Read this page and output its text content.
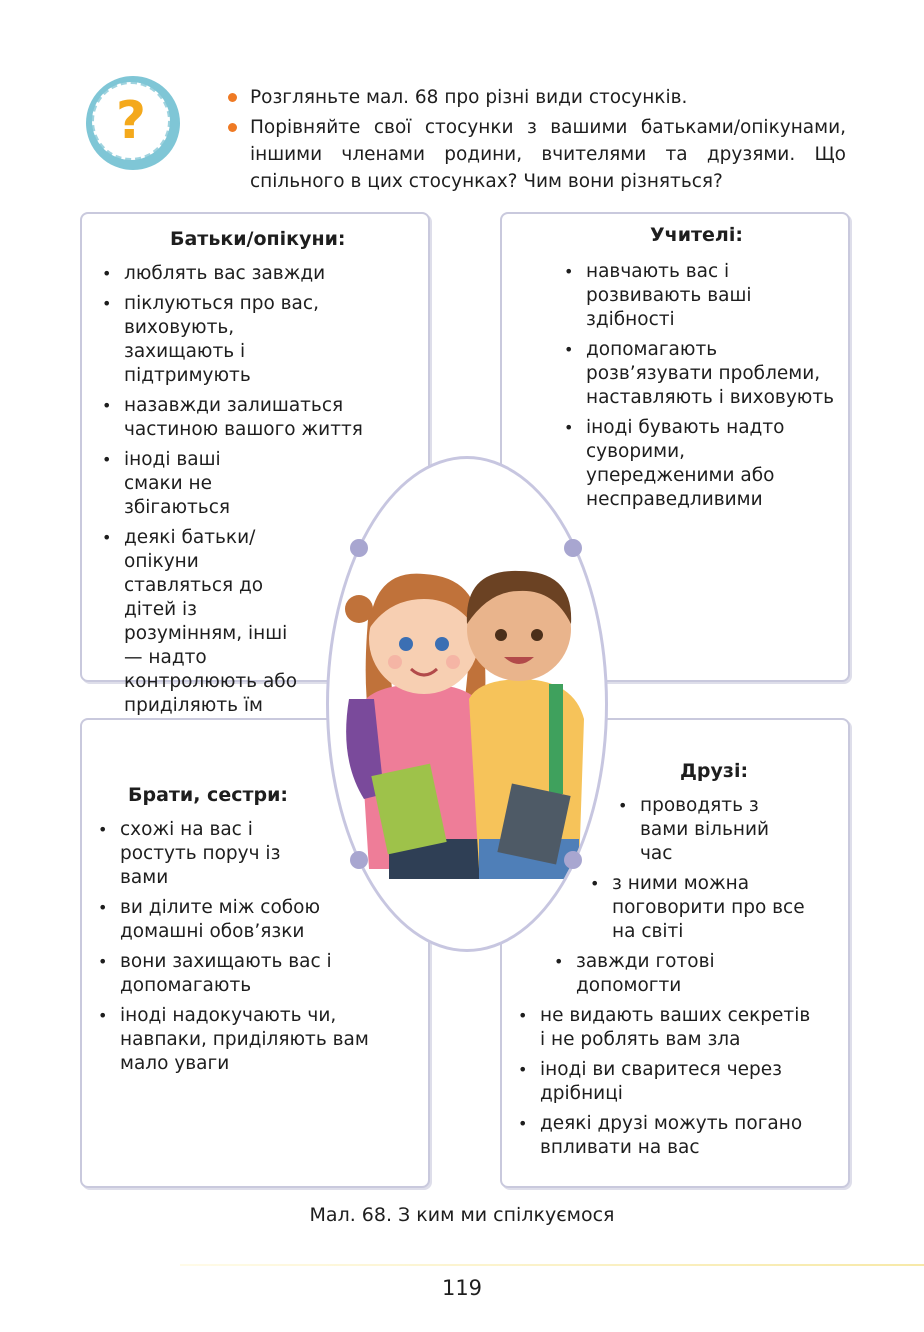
?	Розгляньте мал. 68 про різні види стосунків.
Порівняйте свої стосунки з вашими батьками/опікунами, іншими членами родини, вчителями та друзями. Що спільного в цих стосунках? Чим вони різняться?
Батьки/опікуни:
• люблять вас завжди
• піклуються про вас, виховують, захищають і підтримують
• назавжди залишаться частиною вашого життя
• іноді ваші смаки не збігаються
• деякі батьки/опікуни ставляться до дітей із розумінням, інші — надто контролюють або приділяють їм
Учителі:
• навчають вас і розвивають ваші здібності
• допомагають розв’язувати проблеми, наставляють і виховують
• іноді бувають надто суворими, упередженими або несправедливими
Брати, сестри:
• схожі на вас і ростуть поруч із вами
• ви ділите між собою домашні обов’язки
• вони захищають вас і допомагають
• іноді надокучають чи, навпаки, приділяють вам мало уваги
Друзі:
• проводять з вами вільний час
• з ними можна поговорити про все на світі
• завжди готові допомогти
• не видають ваших секретів і не роблять вам зла
• іноді ви сваритеся через дрібниці
• деякі друзі можуть погано впливати на вас
Мал. 68. З ким ми спілкуємося
119
